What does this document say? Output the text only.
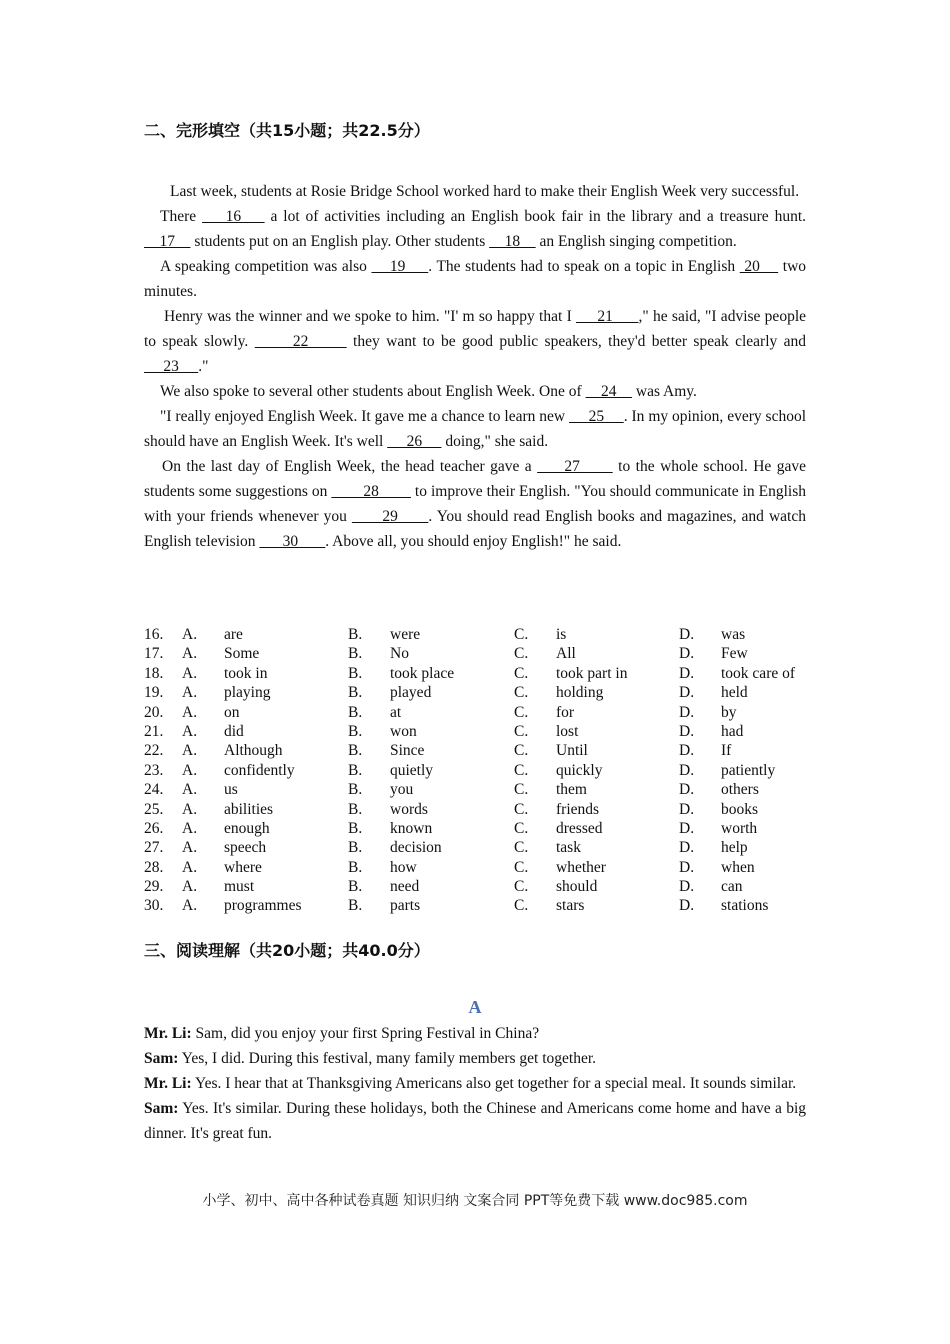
二、完形填空（共15小题；共22.5分）

Last week, students at Rosie Bridge School worked hard to make their English Week very successful.

There     16     a lot of activities including an English book fair in the library and a treasure hunt.     17     students put on an English play. Other students     18     an English singing competition.

A speaking competition was also     19     . The students had to speak on a topic in English  20     two minutes.

Henry was the winner and we spoke to him. "I' m so happy that I      21      ," he said, "I advise people to speak slowly.       22       they want to be good public speakers, they'd better speak clearly and      23     ."

We also spoke to several other students about English Week. One of     24     was Amy.

"I really enjoyed English Week. It gave me a chance to learn new      25     . In my opinion, every school should have an English Week. It's well      26      doing," she said.

On the last day of English Week, the head teacher gave a      27       to the whole school. He gave students some suggestions on         28         to improve their English. "You should communicate in English with your friends whenever you       29      . You should read English books and magazines, and watch English television       30       . Above all, you should enjoy English!" he said.

16. A. are	B. were	C. is	D. was
17. A. Some	B. No	C. All	D. Few
18. A. took in	B. took place	C. took part in	D. took care of
19. A. playing	B. played	C. holding	D. held
20. A. on	B. at	C. for	D. by
21. A. did	B. won	C. lost	D. had
22. A. Although	B. Since	C. Until	D. If
23. A. confidently	B. quietly	C. quickly	D. patiently
24. A. us	B. you	C. them	D. others
25. A. abilities	B. words	C. friends	D. books
26. A. enough	B. known	C. dressed	D. worth
27. A. speech	B. decision	C. task	D. help
28. A. where	B. how	C. whether	D. when
29. A. must	B. need	C. should	D. can
30. A. programmes	B. parts	C. stars	D. stations
三、阅读理解（共20小题；共40.0分）
A

Mr. Li: Sam, did you enjoy your first Spring Festival in China?

Sam: Yes, I did. During this festival, many family members get together.

Mr. Li: Yes. I hear that at Thanksgiving Americans also get together for a special meal. It sounds similar.

Sam: Yes. It's similar. During these holidays, both the Chinese and Americans come home and have a big dinner. It's great fun.

小学、初中、高中各种试卷真题 知识归纳 文案合同 PPT等免费下载 www.doc985.com
